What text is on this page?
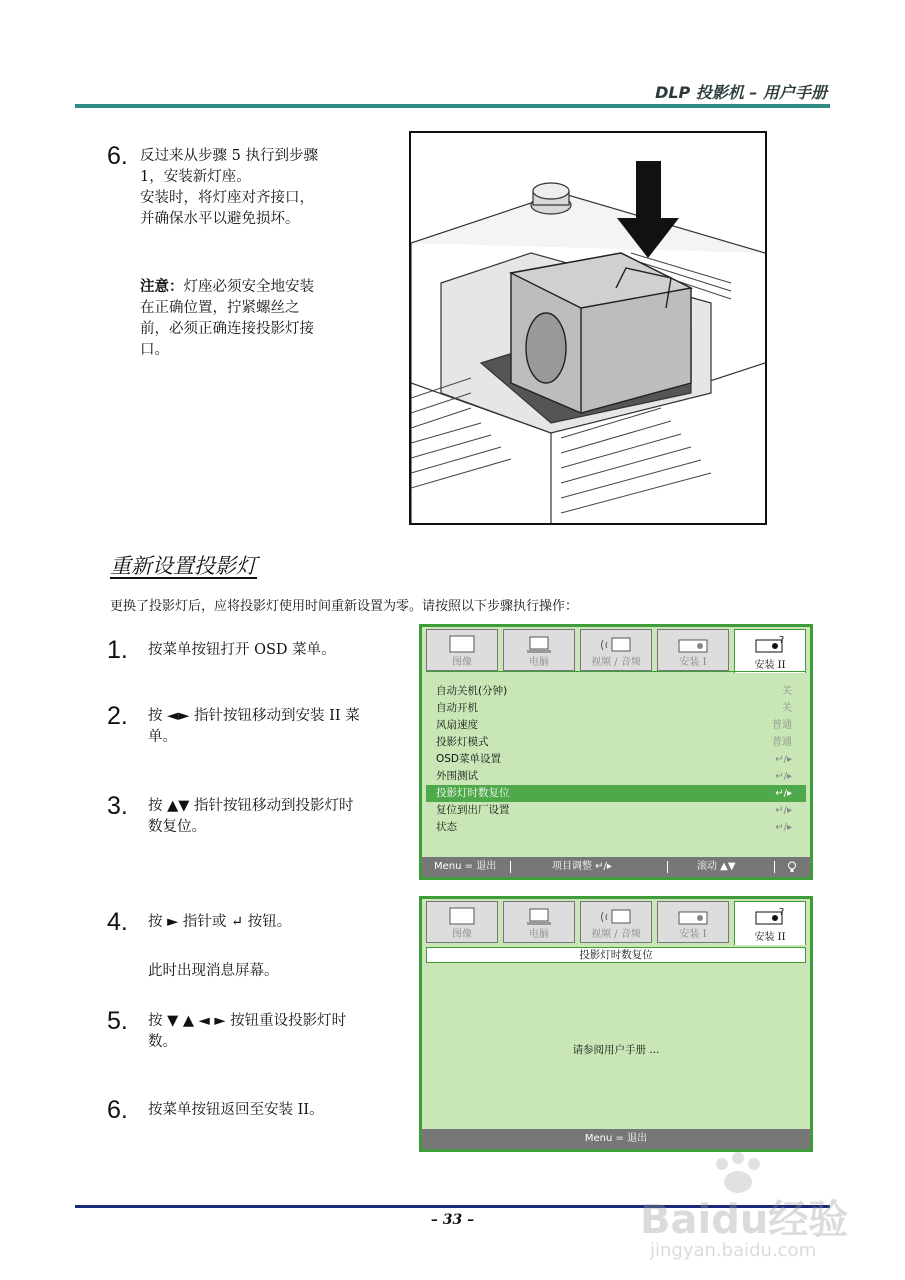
DLP 投影机 – 用户手册
6. 反过来从步骤 5 执行到步骤
1，安装新灯座。
安装时，将灯座对齐接口，
并确保水平以避免损坏。
注意：灯座必须安全地安装
在正确位置，拧紧螺丝之
前，必须正确连接投影灯接
口。
重新设置投影灯
更换了投影灯后，应将投影灯使用时间重新设置为零。请按照以下步骤执行操作：
1. 按菜单按钮打开 OSD 菜单。
2. 按 ◄► 指针按钮移动到安装 II 菜
单。
3. 按 ▲▼ 指针按钮移动到投影灯时
数复位。
4. 按 ► 指针或 ↵ 按钮。
此时出现消息屏幕。
5. 按 ▼ ▲ ◄ ► 按钮重设投影灯时
数。
6. 按菜单按钮返回至安装 II。
图像	电脑	视频 / 音频	安装 I
?
安装 II
自动关机(分钟)	关
自动开机	关
风扇速度	普通
投影灯模式	普通
OSD菜单设置	↵/▸
外围测试	↵/▸
投影灯时数复位	↵/▸
复位到出厂设置	↵/▸
状态	↵/▸
Menu = 退出	项目调整 ↵/▸	滚动 ▲▼
图像	电脑	视频 / 音频	安装 I
?
安装 II
投影灯时数复位
请参阅用户手册 ...
Menu = 退出
– 33 –	Baidu经验
jingyan.baidu.com
